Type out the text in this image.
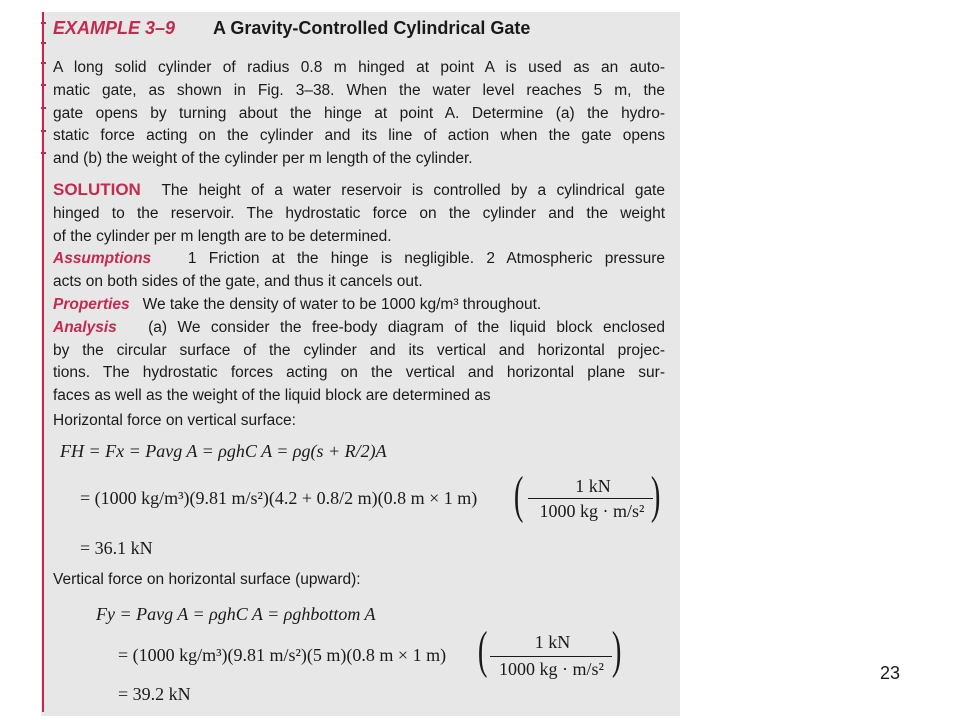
EXAMPLE 3–9 A Gravity-Controlled Cylindrical Gate
A long solid cylinder of radius 0.8 m hinged at point A is used as an auto-
matic gate, as shown in Fig. 3–38. When the water level reaches 5 m, the
gate opens by turning about the hinge at point A. Determine (a) the hydro-
static force acting on the cylinder and its line of action when the gate opens
and (b) the weight of the cylinder per m length of the cylinder.
SOLUTION The height of a water reservoir is controlled by a cylindrical gate
hinged to the reservoir. The hydrostatic force on the cylinder and the weight
of the cylinder per m length are to be determined.
Assumptions 1 Friction at the hinge is negligible. 2 Atmospheric pressure
acts on both sides of the gate, and thus it cancels out.
Properties We take the density of water to be 1000 kg/m³ throughout.
Analysis (a) We consider the free-body diagram of the liquid block enclosed
by the circular surface of the cylinder and its vertical and horizontal projec-
tions. The hydrostatic forces acting on the vertical and horizontal plane sur-
faces as well as the weight of the liquid block are determined as
Horizontal force on vertical surface:
FH = Fx = Pavg A = ρghC A = ρg(s + R/2)A
= (1000 kg/m³)(9.81 m/s²)(4.2 + 0.8/2 m)(0.8 m × 1 m) (	1 kN
1000 kg · m/s² )
= 36.1 kN
Vertical force on horizontal surface (upward):
Fy = Pavg A = ρghC A = ρghbottom A
= (1000 kg/m³)(9.81 m/s²)(5 m)(0.8 m × 1 m) (	1 kN
1000 kg · m/s² )
= 39.2 kN
23
